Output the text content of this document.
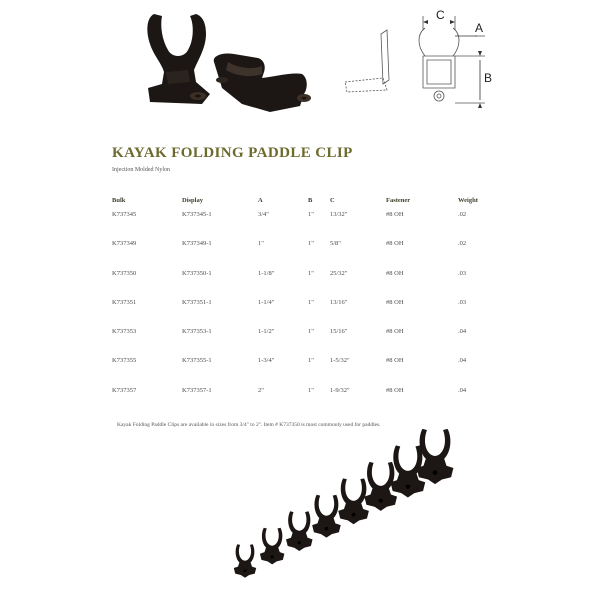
C
A
B
KAYAK FOLDING PADDLE CLIP
Injection Molded Nylon
Bulk	Display	A	B	C	Fastener	Weight
K737345	K737345-1	3/4"	1"	13/32"	#8 OH	.02
K737349	K737349-1	1"	1"	5/8"	#8 OH	.02
K737350	K737350-1	1-1/8"	1"	25/32"	#8 OH	.03
K737351	K737351-1	1-1/4"	1"	13/16"	#8 OH	.03
K737353	K737353-1	1-1/2"	1"	15/16"	#8 OH	.04
K737355	K737355-1	1-3/4"	1"	1-5/32"	#8 OH	.04
K737357	K737357-1	2"	1"	1-9/32"	#8 OH	.04
Kayak Folding Paddle Clips are available in sizes from 3/4" to 2". Item # K737350 is most commonly used for paddles.
